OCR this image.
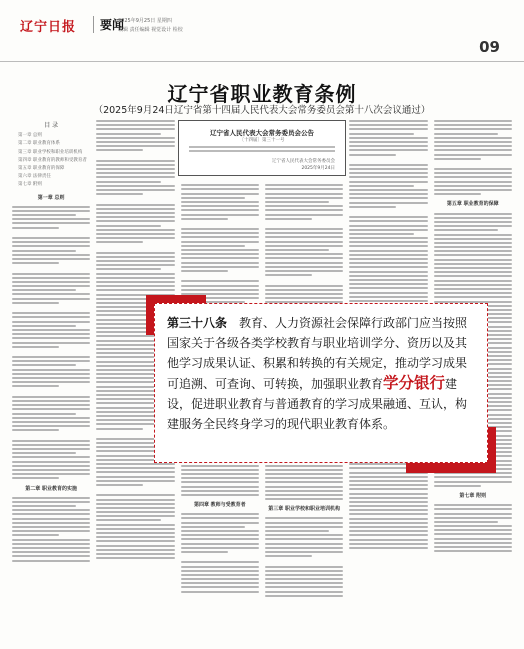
辽宁日报	要闻
2025年9月25日 星期四
编辑 责任编辑 视觉设计 检校
09
辽宁省职业教育条例
（2025年9月24日辽宁省第十四届人民代表大会常务委员会第十八次会议通过）
目 录
第一章 总则
第二章 职业教育体系
第三章 职业学校和职业培训机构
第四章 职业教育的教师和受教育者
第五章 职业教育的保障
第六章 法律责任
第七章 附则
第一章 总则
第二章 职业教育的实施
第四章 教师与受教育者
第三章 职业学校和职业培训机构
第五章 职业教育的保障
第七章 附则
辽宁省人民代表大会常务委员会公告
〔十四届〕第三十一号
辽宁省人民代表大会常务委员会
2025年9月24日
第三十八条　教育、人力资源社会保障行政部门应当按照国家关于各级各类学校教育与职业培训学分、资历以及其他学习成果认证、积累和转换的有关规定，推动学习成果可追溯、可查询、可转换，加强职业教育学分银行建设，促进职业教育与普通教育的学习成果融通、互认，构建服务全民终身学习的现代职业教育体系。
